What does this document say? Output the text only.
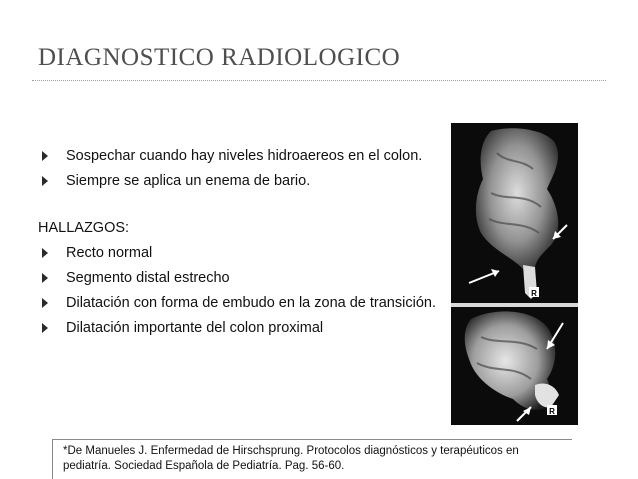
DIAGNOSTICO RADIOLOGICO
Sospechar cuando hay niveles hidroaereos en el colon.
Siempre se aplica un enema de bario.
HALLAZGOS:
Recto normal
Segmento distal estrecho
Dilatación con forma de embudo en la zona de transición.
Dilatación importante del colon proximal
R
R
*De Manueles J. Enfermedad de Hirschsprung. Protocolos diagnósticos y terapéuticos en
pediatría. Sociedad Española de Pediatría. Pag. 56-60.
